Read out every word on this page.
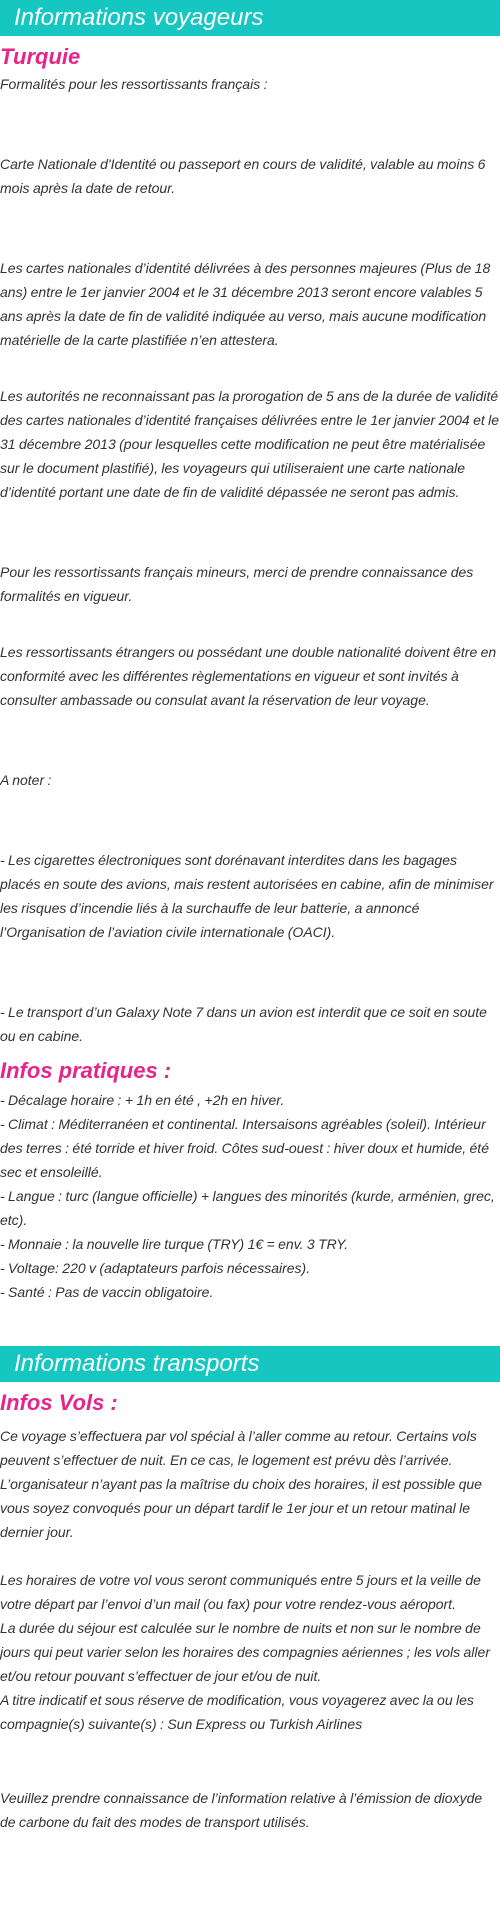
Informations voyageurs
Turquie

Formalités pour les ressortissants français :

Carte Nationale d'Identité ou passeport en cours de validité, valable au moins 6 mois après la date de retour.

Les cartes nationales d’identité délivrées à des personnes majeures (Plus de 18 ans) entre le 1er janvier 2004 et le 31 décembre 2013 seront encore valables 5 ans après la date de fin de validité indiquée au verso, mais aucune modification matérielle de la carte plastifiée n’en attestera.

Les autorités ne reconnaissant pas la prorogation de 5 ans de la durée de validité des cartes nationales d’identité françaises délivrées entre le 1er janvier 2004 et le 31 décembre 2013 (pour lesquelles cette modification ne peut être matérialisée sur le document plastifié), les voyageurs qui utiliseraient une carte nationale d’identité portant une date de fin de validité dépassée ne seront pas admis.

Pour les ressortissants français mineurs, merci de prendre connaissance des formalités en vigueur.

Les ressortissants étrangers ou possédant une double nationalité doivent être en conformité avec les différentes règlementations en vigueur et sont invités à consulter ambassade ou consulat avant la réservation de leur voyage.

A noter :

- Les cigarettes électroniques sont dorénavant interdites dans les bagages placés en soute des avions, mais restent autorisées en cabine, afin de minimiser les risques d’incendie liés à la surchauffe de leur batterie, a annoncé l’Organisation de l’aviation civile internationale (OACI).

- Le transport d’un Galaxy Note 7 dans un avion est interdit que ce soit en soute ou en cabine.

Infos pratiques :

- Décalage horaire : + 1h en été , +2h en hiver.

- Climat : Méditerranéen et continental. Intersaisons agréables (soleil). Intérieur des terres : été torride et hiver froid. Côtes sud-ouest : hiver doux et humide, été sec et ensoleillé.

- Langue : turc (langue officielle) + langues des minorités (kurde, arménien, grec, etc).

- Monnaie : la nouvelle lire turque (TRY) 1€ = env. 3 TRY.

- Voltage: 220 v (adaptateurs parfois nécessaires).

- Santé : Pas de vaccin obligatoire.

Informations transports
Infos Vols :

Ce voyage s’effectuera par vol spécial à l’aller comme au retour. Certains vols peuvent s’effectuer de nuit. En ce cas, le logement est prévu dès l’arrivée. L’organisateur n’ayant pas la maîtrise du choix des horaires, il est possible que vous soyez convoqués pour un départ tardif le 1er jour et un retour matinal le dernier jour.

Les horaires de votre vol vous seront communiqués entre 5 jours et la veille de votre départ par l’envoi d’un mail (ou fax) pour votre rendez-vous aéroport.

La durée du séjour est calculée sur le nombre de nuits et non sur le nombre de jours qui peut varier selon les horaires des compagnies aériennes ; les vols aller et/ou retour pouvant s’effectuer de jour et/ou de nuit.

A titre indicatif et sous réserve de modification, vous voyagerez avec la ou les compagnie(s) suivante(s) : Sun Express ou Turkish Airlines

Veuillez prendre connaissance de l’information relative à l’émission de dioxyde de carbone du fait des modes de transport utilisés.
